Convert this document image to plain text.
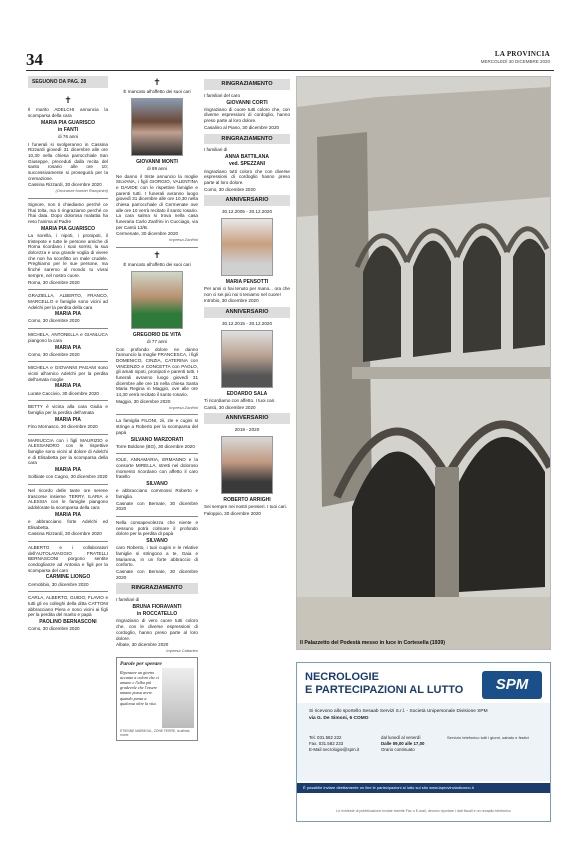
34	LA PROVINCIA
MERCOLEDÌ 30 DICEMBRE 2020
SEGUONO DA PAG. 28
✝
Il marito ADELCHI annuncia la scomparsa della cara
MARIA PIA GUARISCO
in FANTI
di 76 anni
I funerali si svolgeranno in Cassina Rizzardi giovedì 31 dicembre alle ore 10,30 nella chiesa parrocchiale San Giuseppe, preceduti dalla recita del santo rosario alle ore 10; successivamente si proseguirà per la cremazione.
Cassina Rizzardi, 30 dicembre 2020
(Onoranze funebri Rampinini)
Signore, non ti chiediamo perché ce l'hai tolta, ma ti ringraziamo perché ce l'hai data. Dopo dolorosa malattia ha reso l'anima al Padre
MARIA PIA GUARISCO
La sorella, i nipoti, i pronipoti, il tristepote e tutte le persone amiche di Roma ricordano i suoi sorrisi, la sua dolcezza e una grande voglia di vivere che non ha sconfitto un male crudele. Preghiamo per le sue persone, ma finché saremo al mondo tu vivrai sempre, nel nostro cuore.
Roma, 30 dicembre 2020
GRAZIELLA, ALBERTO, FRANCO, MARCELLO e famiglie sono vicini ad Adelchi per la perdita della cara
MARIA PIA
Como, 30 dicembre 2020
MICHELA, ANTONELLA e GIANLUCA piangono la cara
MARIA PIA
Como, 30 dicembre 2020
MICHELA e GIOVANNI PAGANI sono vicini all'amico Adelchi per la perdita dell'amata moglie
MARIA PIA
Lurate Caccivio, 30 dicembre 2020
BETTY è vicina alla cara Giulia e famiglia per la perdita dell'amata
MARIA PIA
Fino Mornasco, 30 dicembre 2020
MARIUCCIA con i figli MAURIZIO e ALESSANDRO con le rispettive famiglie sono vicini al dolore di Adelchi e di Elisabetta per la scomparsa della cara
MARIA PIA
Solbiate con Cagno, 30 dicembre 2020
Nel ricordo delle tante ore serene trascorse insieme TERRY, ILARIA e ALESSIA con le famiglie piangono addolorate la scomparsa della cara
MARIA PIA
e abbracciano forte Adelchi ed Elisabetta.
Cassina Rizzardi, 30 dicembre 2020
ALBERTO e i collaboratori dell'AUTOLAVAGGIO FRATELLI BERNASCONI porgono sentite condoglianze ad Antonia e figli per la scomparsa del caro
CARMINE LIONGO
Cernobbio, 30 dicembre 2020
CARLA, ALBERTO, GUIDO, FLAVIO e tutti gli ex colleghi della ditta CATTONI abbracciano Piera e sono vicini ai figli per la perdita del marito e papà
PAOLINO BERNASCONI
Como, 30 dicembre 2020
✝
È mancato all'affetto dei suoi cari
GIOVANNI MONTI
di 89 anni
Ne danno il triste annuncio la moglie SILVANA, i figli GIORGIO, VALENTINA e DAVIDE con le rispettive famiglie e parenti tutti. I funerali avranno luogo giovedì 31 dicembre alle ore 10,30 nella chiesa parrocchiale di Cermenate ove alle ore 10 verrà recitato il santo rosario. La cara salma si trova nella casa funeraria Carlo Zanfrini in Cucciago, via per Cantù 13/B.
Cermenate, 30 dicembre 2020
Impresa Zanfrini
✝
È mancato all'affetto dei suoi cari
GREGORIO DE VITA
di 77 anni
Con profondo dolore ne danno l'annuncio la moglie FRANCESCA, i figli DOMENICO, CINZIA, CATERINA con VINCENZO e CONCETTA con PAOLO, gli amati nipoti, pronipoti e parenti tutti. I funerali avranno luogo giovedì 31 dicembre alle ore 15 nella chiesa Santa Maria Regina in Maggio, ove alle ore 14,30 verrà recitato il santo rosario.
Maggio, 30 dicembre 2020
Impresa Zanfrini
La famiglia FILONI, zii, zie e cugini si stringe a Roberto per la scomparsa del papà
SILVANO MARZORATI
Torre Boldone (BG), 30 dicembre 2020
IOLE, ANNAMARIA, ERMANNO e la consorte MIRELLA, stretti nel doloroso momento ricordano con affetto il caro fratello
SILVANO
e abbracciano commossi Roberto e famiglia.
Casnate con Bernate, 30 dicembre 2020
Nella consapevolezza che niente e nessuno potrà colmare il profondo dolore per la perdita di papà
SILVANO
caro Roberto, i tuoi cugini e le relative famiglie si stringono a te, Gaia e Marianna, in un forte abbraccio di conforto.
Casnate con Bernate, 30 dicembre 2020
RINGRAZIAMENTO
I familiari di
BRUNA FIORAVANTI
in ROCCATELLO
ringraziano di vero cuore tutti coloro che, con le diverse espressioni di cordoglio, hanno preso parte al loro dolore.
Albate, 30 dicembre 2020
Impresa Cattaneo
Parole per sperare
Ripensare un giorno accanto a coloro che ci amano e l'alba più gradevole che l'essere umano possa avere quando pensa a qualcosa oltre la vita.
ETIENNE MARMOUL, ZONE FERRE, la attinta morte
RINGRAZIAMENTO
I familiari del caro
GIOVANNI CORTI
ringraziano di cuore tutti coloro che, con diverse espressioni di cordoglio, hanno preso parte al loro dolore.
Casalino al Piano, 30 dicembre 2020
RINGRAZIAMENTO
I familiari di
ANNA BATTILANA
ved. SPEZZANI
ringraziano tutti coloro che con diverse espressioni di cordoglio hanno preso parte al loro dolore.
Como, 30 dicembre 2020
ANNIVERSARIO
30.12.2005 - 30.12.2020
MARIA PENSOTTI
Per anni ci hai tenuto per mano... ora che non ci sei più noi ti teniamo nel cuore!
Introbio, 30 dicembre 2020
ANNIVERSARIO
30.12.2015 - 30.12.2020
EDOARDO SALA
Ti ricordiamo con affetto. I tuoi cari.
Cantù, 30 dicembre 2020
ANNIVERSARIO
2019 - 2020
ROBERTO ARRIGHI
Sei sempre nei nostri pensieri. I tuoi cari.
Faloppio, 30 dicembre 2020
Il Palazzetto del Podestà messo in luce in Cortesella (1939)
NECROLOGIE
E PARTECIPAZIONI AL LUTTO	SPM
Si ricevono allo sportello Sesaab Servizi S.r.l. - Società Unipersonale Divisione SPM
via G. De Simoni, 6 COMO
Tel. 031.582 222
Fax. 031.582 233
E-Mail necrologie@spm.it
dal lunedì al venerdì
Dalle 09,00 alle 17,00
Orario continuato
Servizio telefonico tutti i giorni, sabato e festivi
È possibile inviare direttamente on line le partecipazioni al lutto sul sito www.laprovinciadicomo.it
Le richieste di pubblicazione inviate tramite Fax o E-mail, devono riportare i dati fiscali e un recapito telefonico
